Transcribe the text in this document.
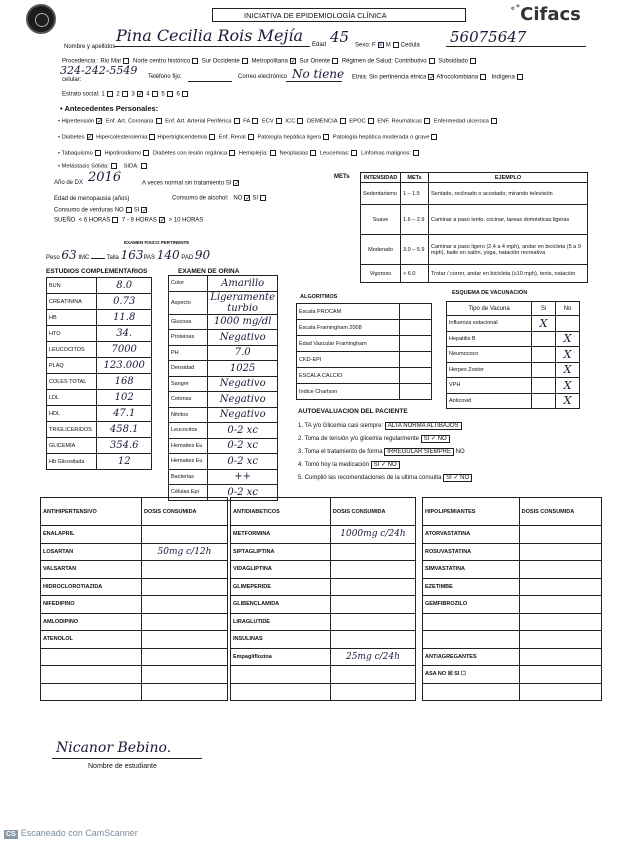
INICIATIVA DE EPIDEMIOLOGÍA CLÍNICA
∘°Cifacs
Nombre y apellidos
Pina Cecilia Rois Mejía Edad 45 Sexo: F × M Cedula 56075647
Procedencia : Rio Mar Norte centro histórico Sur Occidente Metropolitana ✓ Sur Oriente Régimen de Salud: Contributivo Subsidiado
324-242-5549
celular:	Teléfono fijo:	Correo electrónico No tiene Etnia: Sin pertinencia étnica ✓ Afrocolombiana Indígena
Estrato social: 1 2 3 ✓ 4 5 6
• Antecedentes Personales:
• Hipertensión ✓ Enf. Art. Coronaria Enf. Art. Arterial Periférica FA ECV ICC DEMENCIA EPOC ENF. Reumáticas Enfermedad ulcerosa
• Diabetes ✓ Hipercolesterolemia Hipertrigliceridemia Enf. Renal Patología hepática ligera Patología hepática moderada o grave
• Tabaquismo Hipotiroidismo Diabetes con lesión orgánica Hemiplejía: Neoplasias Leucemias: Linfomas malignos:
• Metástasis Sólida:	SIDA:
Año de DX 2016	A veces normal sin tratamiento SI ✓
Edad de menopausia (años)	Consumo de alcohol: NO ✓ SI
Consumo de verduras NO SI ✓
SUEÑO < 6 HORAS 7 - 9 HORAS ✓ > 10 HORAS
EXAMEN FISICO PERTINENTE
Peso 63 IMC	Talla 163PAS 140 PAD 90
METs	INTENSIDAD	METs	EJEMPLO
Sedentarismo	1 – 1.5	Sentado, reclinado o acostado; mirando televisión
Suave	1.6 – 2.9	Caminar a paso lento, cocinar, tareas domésticas ligeras
Moderado	3.0 – 5.9	Caminar a paso ligero (2,4 a 4 mph), andar en bicicleta (5 a 9 mph), baile en salón, yoga, natación recreativa
Vigoroso	> 6.0	Trotar / correr, andar en bicicleta (≥10 mph), tenis, natación
ESTUDIOS COMPLEMENTARIOS
BUN	8.0
CREATININA	0.73
HB	11.8
HTO	34.
LEUCOCITOS	7000
PLAQ	123.000
COLES TOTAL	168
LDL	102
HDL	47.1
TRIGLICERIDOS	458.1
GLICEMIA	354.6
Hb Glicosilada	12
EXAMEN DE ORINA
Color	Amarillo
Aspecto	Ligeramente turbio
Glucosa	1000 mg/dl
Proteinas	Negativo
PH	7.0
Densidad	1025
Sangre	Negativo
Cetonas	Negativo
Nitritos	Negativo
Leucocitos	0-2 xc
Hematies Eu	0-2 xc
Hematies Eu	0-2 xc
Bacterias	++
Células Epi	0-2 xc
ALGORITMOS
Escala PROCAM	
Escala Framingham 2008	
Edad Vascular Framingham	
CKD-EPI	
ESCALA CALCIO	
Indice Charlson	
ESQUEMA DE VACUNACIÓN
Tipo de Vacuna	Si	No
Influenza estacional	X	
Hepatitis B		X
Neumococo		X
Herpes Zoster		X
VPH		X
Anticovid		X
AUTOEVALUACION DEL PACIENTE
1. TA y/o Glicemia casi siempre: ALTA NORMA ALTIBAJOS
2. Toma de tensión y/o glicemia regularmente SI ✓ NO
3. Toma el tratamiento de forma IRREGULAR SIEMPRE NO
4. Tomó hoy la medicación SI ✓ NO
5. Cumplió las recomendaciones de la ultima consulta SI ✓ NO
ANTIHIPERTENSIVO	DOSIS CONSUMIDA
ENALAPRIL	
LOSARTAN	50mg c/12h
VALSARTAN	
HIDROCLOROTIAZIDA	
NIFEDIPINO	
AMLODIPINO	
ATENOLOL	

ANTIDIABETICOS	DOSIS CONSUMIDA
METFORMINA	1000mg c/24h
SIPTAGLIPTINA	
VIDAGLIPTINA	
GLIMEPERIDE	
GLIBENCLAMIDA	
LIRAGLUTIDE	
INSULINAS	
Empagliflozina	25mg c/24h

HIPOLIPEMIANTES	DOSIS CONSUMIDA
ATORVASTATINA	
ROSUVASTATINA	
SIMVASTATINA	
EZETIMBE	
GEMFIBROZILO	

ANTIAGREGANTES	
ASA NO ☒ SI ☐	

Nicanor Bebino.
Nombre de estudiante
CS Escaneado con CamScanner
